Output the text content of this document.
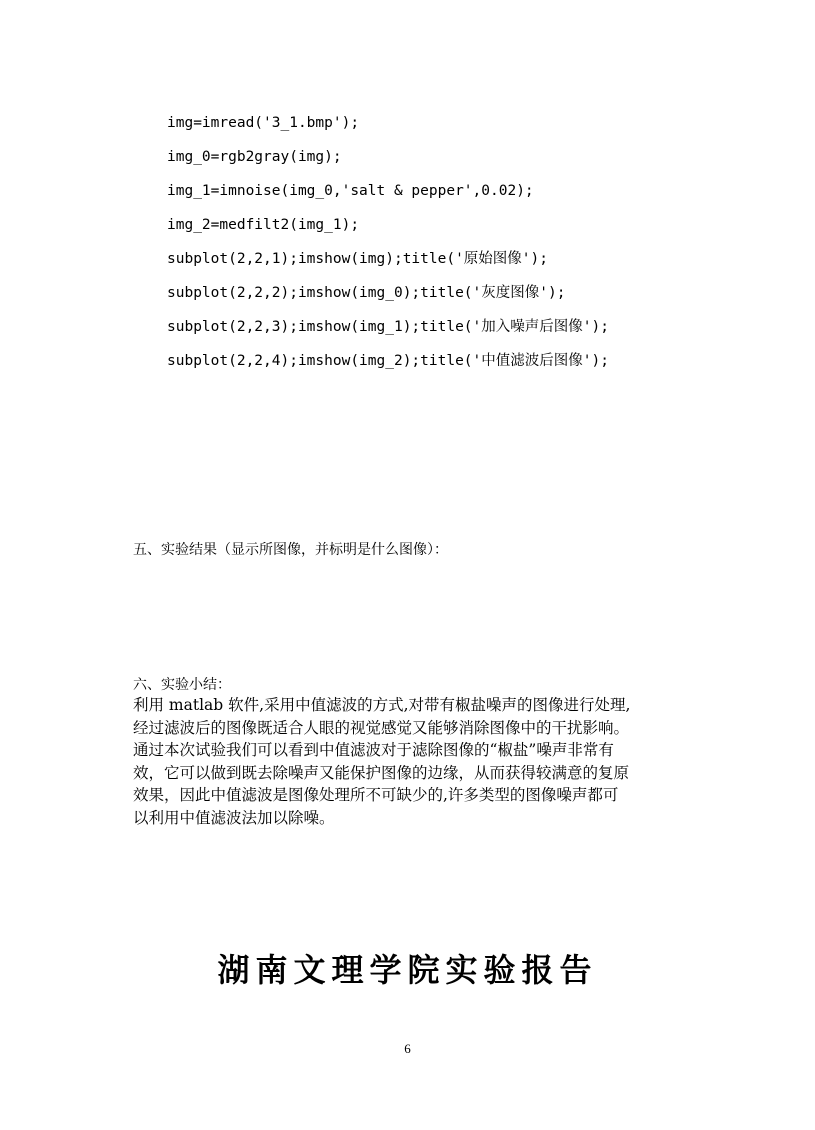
img=imread('3_1.bmp');
img_0=rgb2gray(img);
img_1=imnoise(img_0,'salt & pepper',0.02);
img_2=medfilt2(img_1);
subplot(2,2,1);imshow(img);title('原始图像');
subplot(2,2,2);imshow(img_0);title('灰度图像');
subplot(2,2,3);imshow(img_1);title('加入噪声后图像');
subplot(2,2,4);imshow(img_2);title('中值滤波后图像');
五、实验结果（显示所图像，并标明是什么图像）：
六、实验小结：
利用 matlab 软件,采用中值滤波的方式,对带有椒盐噪声的图像进行处理,
经过滤波后的图像既适合人眼的视觉感觉又能够消除图像中的干扰影响。
通过本次试验我们可以看到中值滤波对于滤除图像的“椒盐”噪声非常有
效，它可以做到既去除噪声又能保护图像的边缘，从而获得较满意的复原
效果，因此中值滤波是图像处理所不可缺少的,许多类型的图像噪声都可
以利用中值滤波法加以除噪。
湖南文理学院实验报告
6
